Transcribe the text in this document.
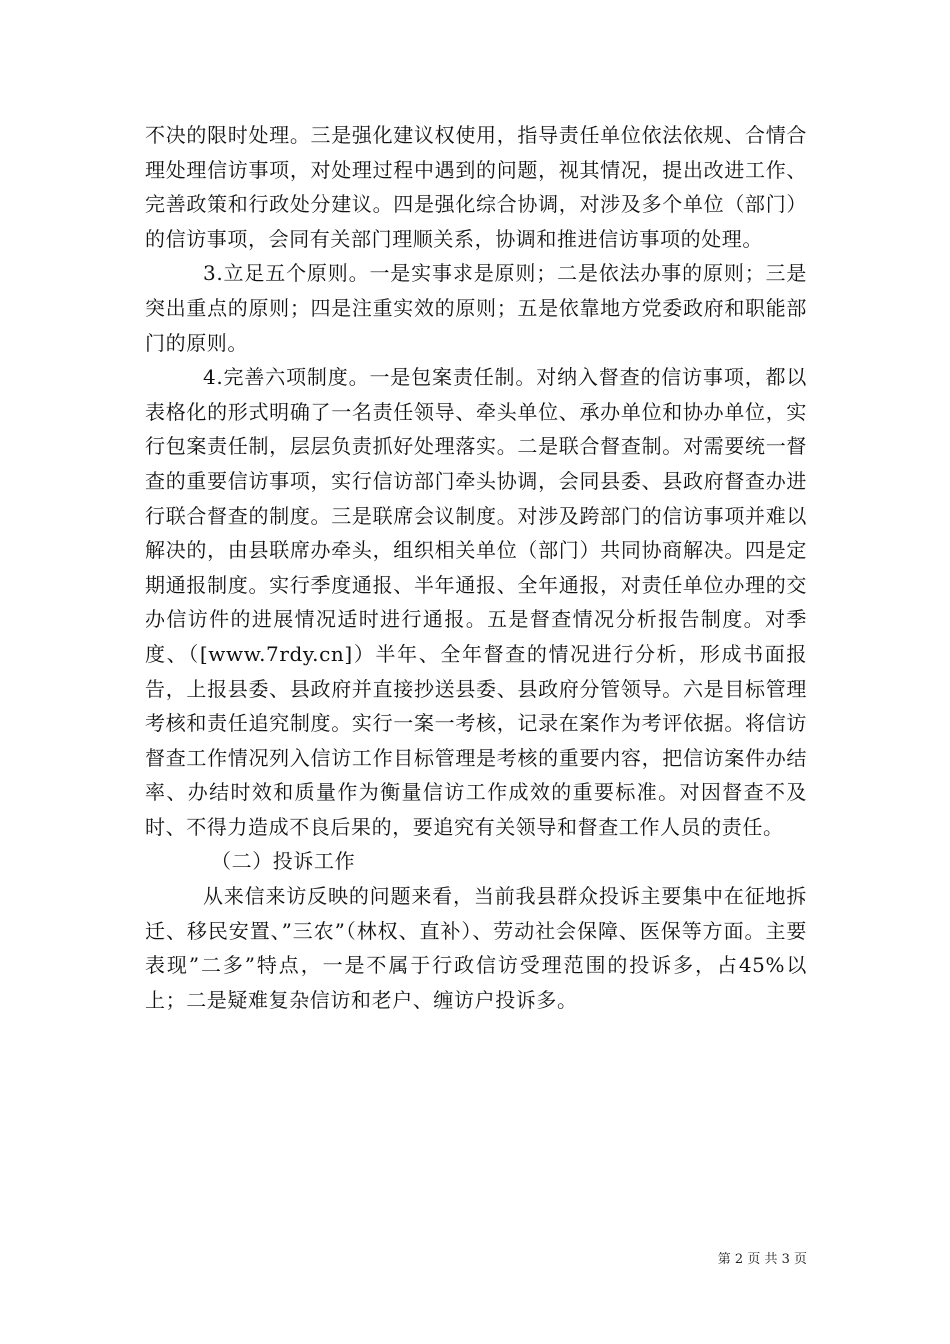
不决的限时处理。三是强化建议权使用，指导责任单位依法依规、合情合理处理信访事项，对处理过程中遇到的问题，视其情况，提出改进工作、完善政策和行政处分建议。四是强化综合协调，对涉及多个单位（部门）的信访事项，会同有关部门理顺关系，协调和推进信访事项的处理。

3.立足五个原则。一是实事求是原则；二是依法办事的原则；三是突出重点的原则；四是注重实效的原则；五是依靠地方党委政府和职能部门的原则。

4.完善六项制度。一是包案责任制。对纳入督查的信访事项，都以表格化的形式明确了一名责任领导、牵头单位、承办单位和协办单位，实行包案责任制，层层负责抓好处理落实。二是联合督查制。对需要统一督查的重要信访事项，实行信访部门牵头协调，会同县委、县政府督查办进行联合督查的制度。三是联席会议制度。对涉及跨部门的信访事项并难以解决的，由县联席办牵头，组织相关单位（部门）共同协商解决。四是定期通报制度。实行季度通报、半年通报、全年通报，对责任单位办理的交办信访件的进展情况适时进行通报。五是督查情况分析报告制度。对季度、（[www.7rdy.cn]）半年、全年督查的情况进行分析，形成书面报告，上报县委、县政府并直接抄送县委、县政府分管领导。六是目标管理考核和责任追究制度。实行一案一考核，记录在案作为考评依据。将信访督查工作情况列入信访工作目标管理是考核的重要内容，把信访案件办结率、办结时效和质量作为衡量信访工作成效的重要标准。对因督查不及时、不得力造成不良后果的，要追究有关领导和督查工作人员的责任。

（二）投诉工作

从来信来访反映的问题来看，当前我县群众投诉主要集中在征地拆迁、移民安置、”三农”（林权、直补）、劳动社会保障、医保等方面。主要表现”二多”特点，一是不属于行政信访受理范围的投诉多，占45%以上；二是疑难复杂信访和老户、缠访户投诉多。

第 2 页 共 3 页
